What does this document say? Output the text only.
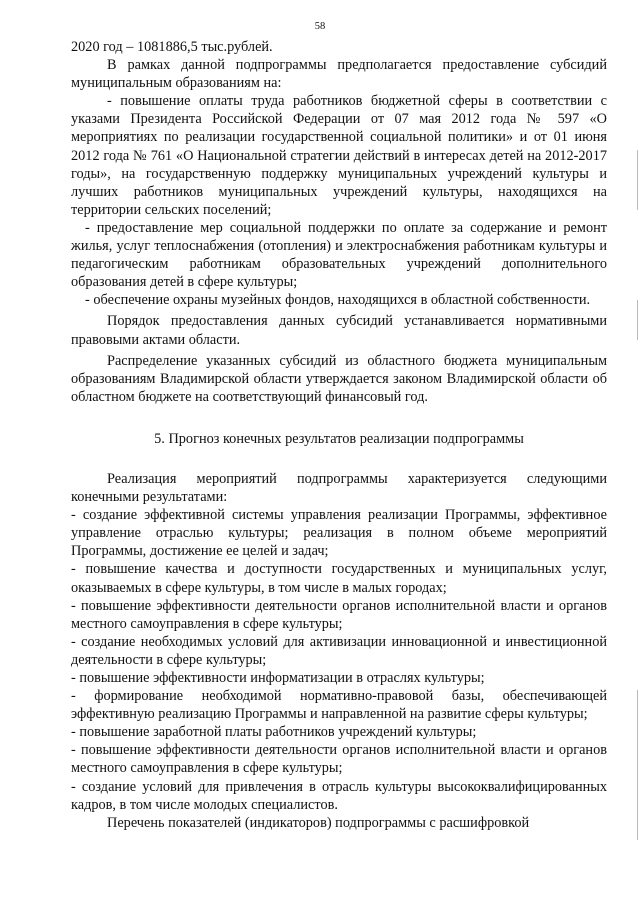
58

2020 год – 1081886,5 тыс.рублей.

В рамках данной подпрограммы предполагается предоставление субсидий муниципальным образованиям на:

- повышение оплаты труда работников бюджетной сферы в соответствии с указами Президента Российской Федерации от 07 мая 2012 года № 597 «О мероприятиях по реализации государственной социальной политики» и от 01 июня 2012 года № 761 «О Национальной стратегии действий в интересах детей на 2012-2017 годы», на государственную поддержку муниципальных учреждений культуры и лучших работников муниципальных учреждений культуры, находящихся на территории сельских поселений;

- предоставление мер социальной поддержки по оплате за содержание и ремонт жилья, услуг теплоснабжения (отопления) и электроснабжения работникам культуры и педагогическим работникам образовательных учреждений дополнительного образования детей в сфере культуры;

- обеспечение охраны музейных фондов, находящихся в областной собственности.

Порядок предоставления данных субсидий устанавливается нормативными правовыми актами области.

Распределение указанных субсидий из областного бюджета муниципальным образованиям Владимирской области утверждается законом Владимирской области об областном бюджете на соответствующий финансовый год.

5. Прогноз конечных результатов реализации подпрограммы

Реализация мероприятий подпрограммы характеризуется следующими конечными результатами:

- создание эффективной системы управления реализации Программы, эффективное управление отраслью культуры; реализация в полном объеме мероприятий Программы, достижение ее целей и задач;

- повышение качества и доступности государственных и муниципальных услуг, оказываемых в сфере культуры, в том числе в малых городах;

- повышение эффективности деятельности органов исполнительной власти и органов местного самоуправления в сфере культуры;

- создание необходимых условий для активизации инновационной и инвестиционной деятельности в сфере культуры;

- повышение эффективности информатизации в отраслях культуры;

- формирование необходимой нормативно-правовой базы, обеспечивающей эффективную реализацию Программы и направленной на развитие сферы культуры;

- повышение заработной платы работников учреждений культуры;

- повышение эффективности деятельности органов исполнительной власти и органов местного самоуправления в сфере культуры;

- создание условий для привлечения в отрасль культуры высококвалифицированных кадров, в том числе молодых специалистов.

Перечень показателей (индикаторов) подпрограммы с расшифровкой
